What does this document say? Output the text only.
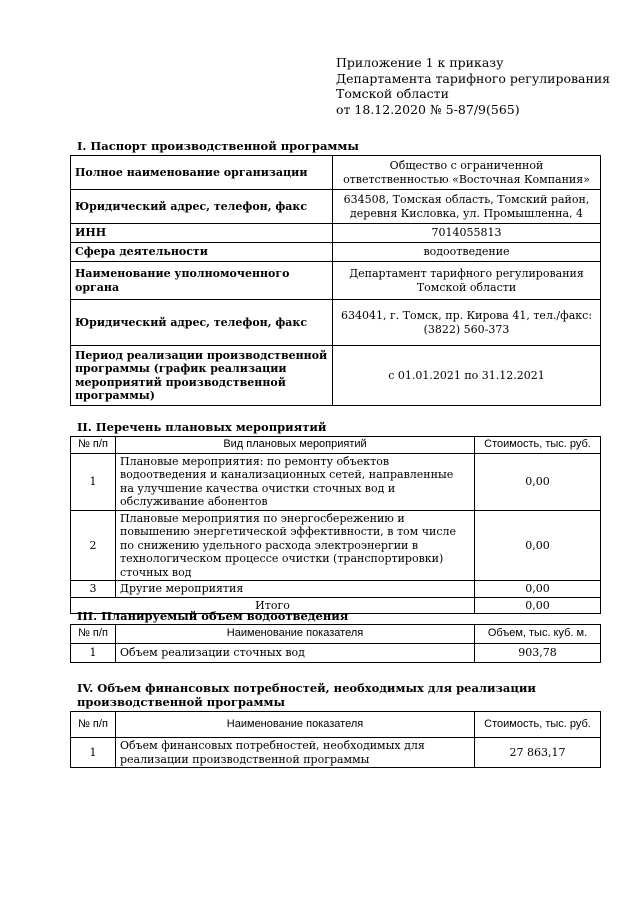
Приложение 1 к приказу
Департамента тарифного регулирования
Томской области
от 18.12.2020 № 5-87/9(565)
I. Паспорт производственной программы
Полное наименование организации	Общество с ограниченной ответственностью «Восточная Компания»
Юридический адрес, телефон, факс	634508, Томская область, Томский район, деревня Кисловка, ул. Промышленна, 4
ИНН	7014055813
Сфера деятельности	водоотведение
Наименование уполномоченного органа	Департамент тарифного регулирования Томской области
Юридический адрес, телефон, факс	634041, г. Томск, пр. Кирова 41, тел./факс: (3822) 560-373
Период реализации производственной программы (график реализации мероприятий производственной программы)	с 01.01.2021 по 31.12.2021
II. Перечень плановых мероприятий
№ п/п	Вид плановых мероприятий	Стоимость, тыс. руб.
1	Плановые мероприятия: по ремонту объектов водоотведения и канализационных сетей, направленные на улучшение качества очистки сточных вод и обслуживание абонентов	0,00
2	Плановые мероприятия по энергосбережению и повышению энергетической эффективности, в том числе по снижению удельного расхода электроэнергии в технологическом процессе очистки (транспортировки) сточных вод	0,00
3	Другие мероприятия	0,00
Итого		0,00
III. Планируемый объем водоотведения
№ п/п	Наименование показателя	Объем, тыс. куб. м.
1	Объем реализации сточных вод	903,78
IV. Объем финансовых потребностей, необходимых для реализации производственной программы
№ п/п	Наименование показателя	Стоимость, тыс. руб.
1	Объем финансовых потребностей, необходимых для реализации производственной программы	27 863,17
